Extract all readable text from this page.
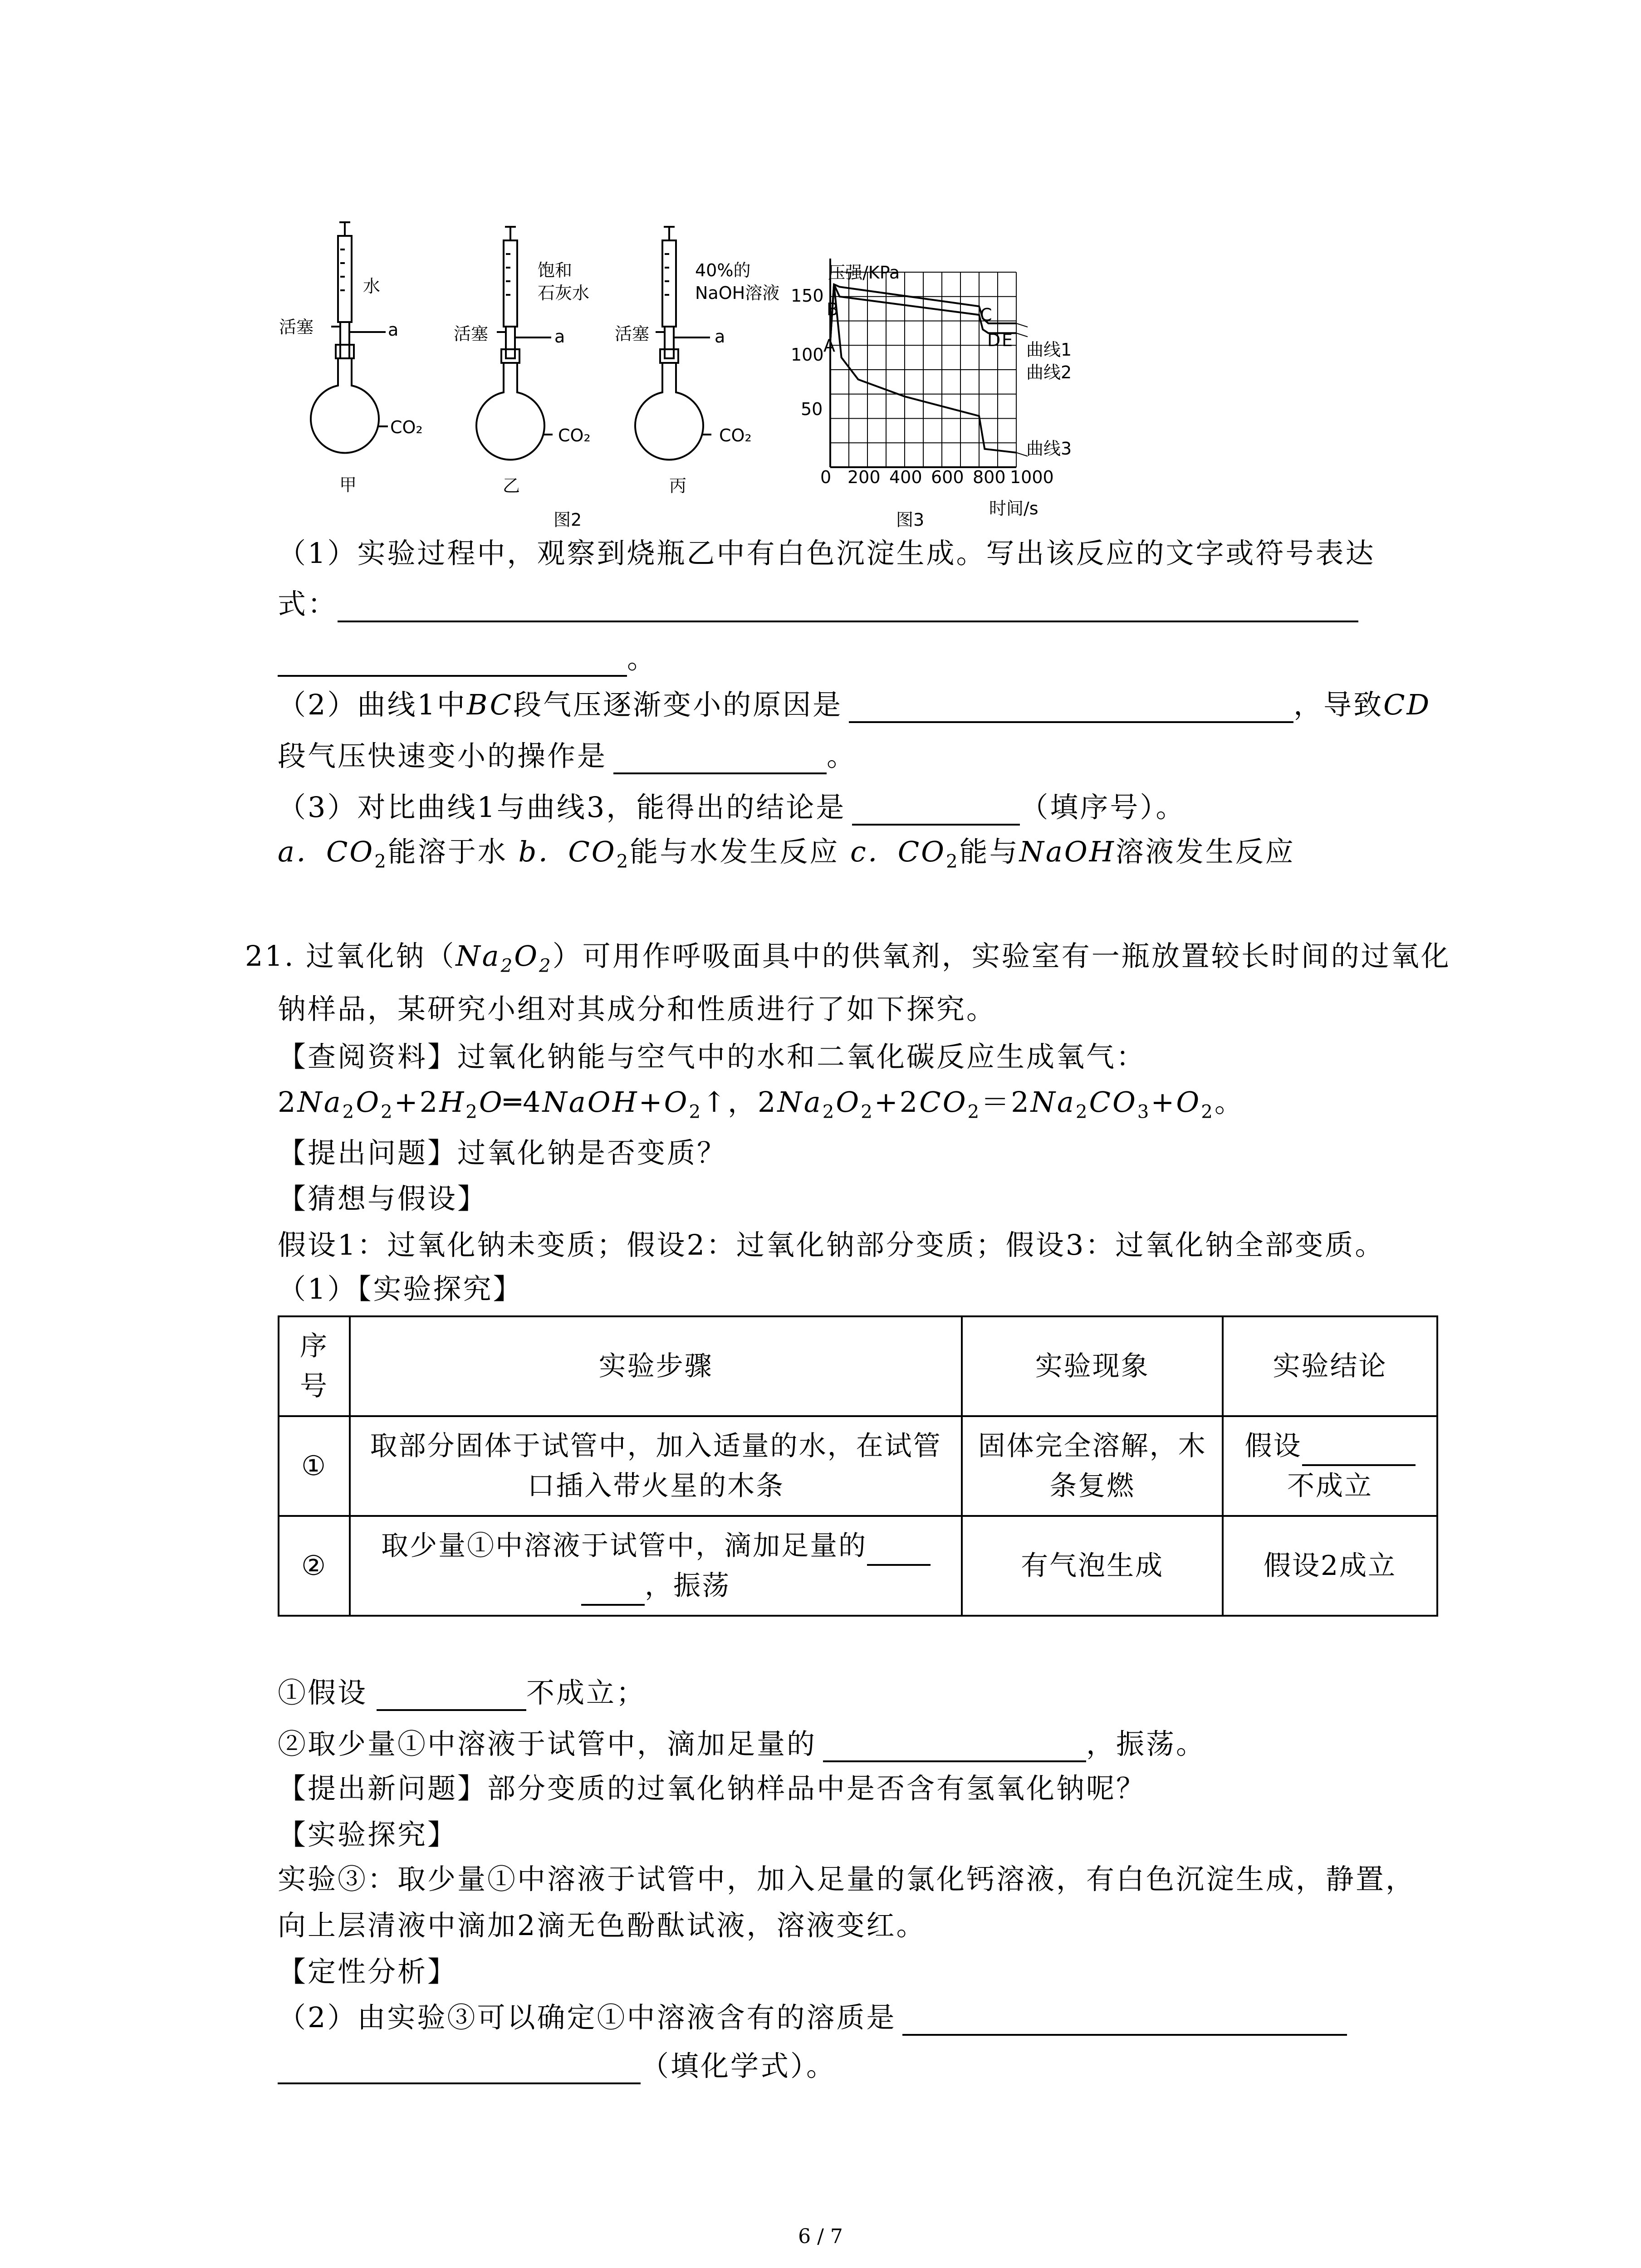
水
活塞	a
CO₂
甲
饱和
石灰水
活塞	a
CO₂
乙
40%的
NaOH溶液
活塞	a
CO₂
丙
图2
压强/KPa
150
100
50
0 200 400 600 800 1000
时间/s
A
B	C
D E 曲线1
曲线2
曲线3
图3
（1）实验过程中，观察到烧瓶乙中有白色沉淀生成。写出该反应的文字或符号表达
式：
。
（2）曲线1中BC段气压逐渐变小的原因是	，导致CD
段气压快速变小的操作是	。
（3）对比曲线1与曲线3，能得出的结论是	（填序号）。
a．$CO_2$能溶于水 b．$CO_2$能与水发生反应 c．$CO_2$能与NaOH溶液发生反应
21. 过氧化钠$(Na_2O_2)$可用作呼吸面具中的供氧剂，实验室有一瓶放置较长时间的过氧化
钠样品，某研究小组对其成分和性质进行了如下探究。
【查阅资料】过氧化钠能与空气中的水和二氧化碳反应生成氧气：
$2Na_2O_2+2H_2O═4NaOH+O_2↑$，$2Na_2O_2+2CO_2=2Na_2CO_3+O_2$。
【提出问题】过氧化钠是否变质？
【猜想与假设】
假设1：过氧化钠未变质；假设2：过氧化钠部分变质；假设3：过氧化钠全部变质。
（1）【实验探究】
序号	实验步骤	实验现象	实验结论
①	取部分固体于试管中，加入适量的水，在试管口插入带火星的木条	固体完全溶解，木条复燃	假设
不成立
②	取少量①中溶液于试管中，滴加足量的
，振荡	有气泡生成	假设2成立
①假设	不成立；
②取少量①中溶液于试管中，滴加足量的	，振荡。
【提出新问题】部分变质的过氧化钠样品中是否含有氢氧化钠呢？
【实验探究】
实验③：取少量①中溶液于试管中，加入足量的氯化钙溶液，有白色沉淀生成，静置，
向上层清液中滴加2滴无色酚酞试液，溶液变红。
【定性分析】
（2）由实验③可以确定①中溶液含有的溶质是
（填化学式）。
6 / 7
